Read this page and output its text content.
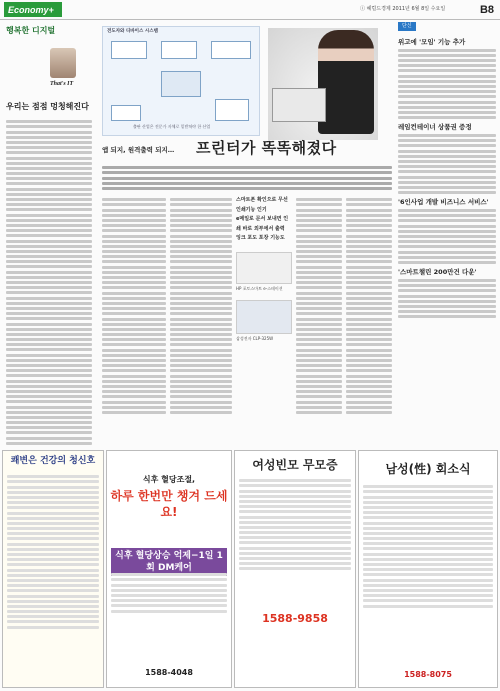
Economy+	ⓘ 헤럴드경제 2011년 6월 8일 수요일	B8
행복한 디지털
That's IT
우리는 점점 멍청해진다
전도자와 디바이스 시스템
출판 산업은 전문가 자체로 밑받쳐야 한 산업
앱 되지, 원격출력 되지… 프린터가 똑똑해졌다
스마트폰 확인으로 무선 인쇄기능 인기
e메일로 문서 보내면 인쇄 바로 외부에서 출력
잉크 포도 포장 기능도
HP 포토스마트 e-스테이션
삼성전자 CLP-325W
단신
위고에 '모임' 기능 추가
레임컨테이너 상품권 증정
'6인사업 개발 비즈니스 서비스'
'스마트챌린 200만건 다운'
쾌변은 건강의 청신호
식후 혈당조절,
하루 한번만 챙겨 드세요!
식후 혈당상승 억제−1일 1회 DM케어
1588-4048
여성빈모 무모증
1588-9858
남성(性) 회소식
1588-8075
